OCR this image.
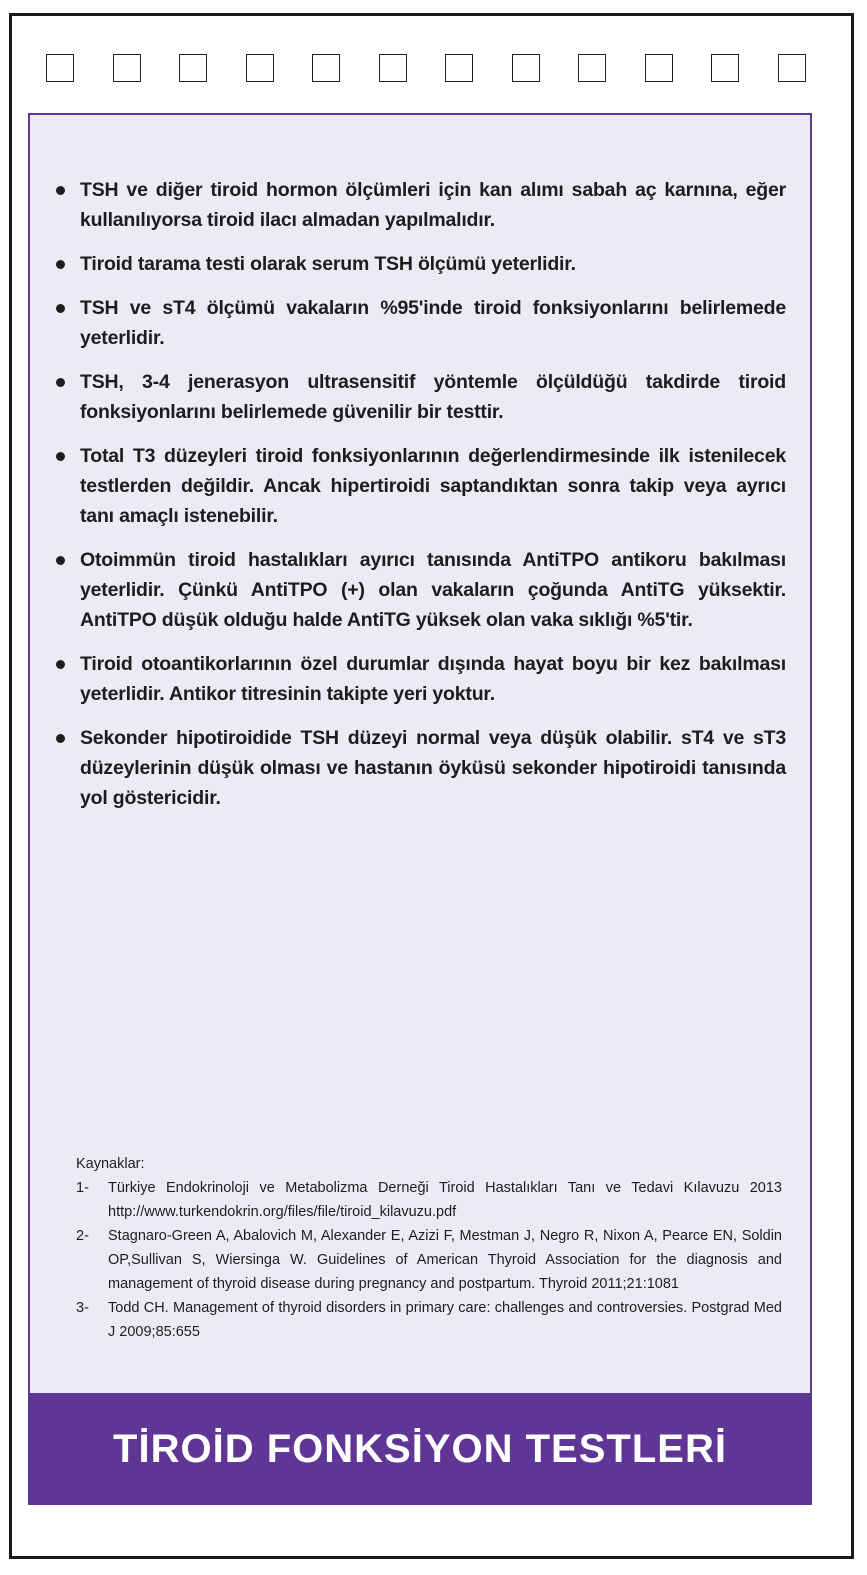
TSH ve diğer tiroid hormon ölçümleri için kan alımı sabah aç karnına, eğer kullanılıyorsa tiroid ilacı almadan yapılmalıdır.
Tiroid tarama testi olarak serum TSH ölçümü yeterlidir.
TSH ve sT4 ölçümü vakaların %95'inde tiroid fonksiyonlarını belirlemede yeterlidir.
TSH, 3-4 jenerasyon ultrasensitif yöntemle ölçüldüğü takdirde tiroid fonksiyonlarını belirlemede güvenilir bir testtir.
Total T3 düzeyleri tiroid fonksiyonlarının değerlendirmesinde ilk istenilecek testlerden değildir. Ancak hipertiroidi saptandıktan sonra takip veya ayrıcı tanı amaçlı istenebilir.
Otoimmün tiroid hastalıkları ayırıcı tanısında AntiTPO antikoru bakılması yeterlidir. Çünkü AntiTPO (+) olan vakaların çoğunda AntiTG yüksektir. AntiTPO düşük olduğu halde AntiTG yüksek olan vaka sıklığı %5'tir.
Tiroid otoantikorlarının özel durumlar dışında hayat boyu bir kez bakılması yeterlidir. Antikor titresinin takipte yeri yoktur.
Sekonder hipotiroidide TSH düzeyi normal veya düşük olabilir. sT4 ve sT3 düzeylerinin düşük olması ve hastanın öyküsü sekonder hipotiroidi tanısında yol göstericidir.

Kaynaklar:

1- Türkiye Endokrinoloji ve Metabolizma Derneği Tiroid Hastalıkları Tanı ve Tedavi Kılavuzu 2013 http://www.turkendokrin.org/files/file/tiroid_kilavuzu.pdf
2- Stagnaro-Green A, Abalovich M, Alexander E, Azizi F, Mestman J, Negro R, Nixon A, Pearce EN, Soldin OP,Sullivan S, Wiersinga W. Guidelines of American Thyroid Association for the diagnosis and management of thyroid disease during pregnancy and postpartum. Thyroid 2011;21:1081
3- Todd CH. Management of thyroid disorders in primary care: challenges and controversies. Postgrad Med J 2009;85:655
TİROİD FONKSİYON TESTLERİ
